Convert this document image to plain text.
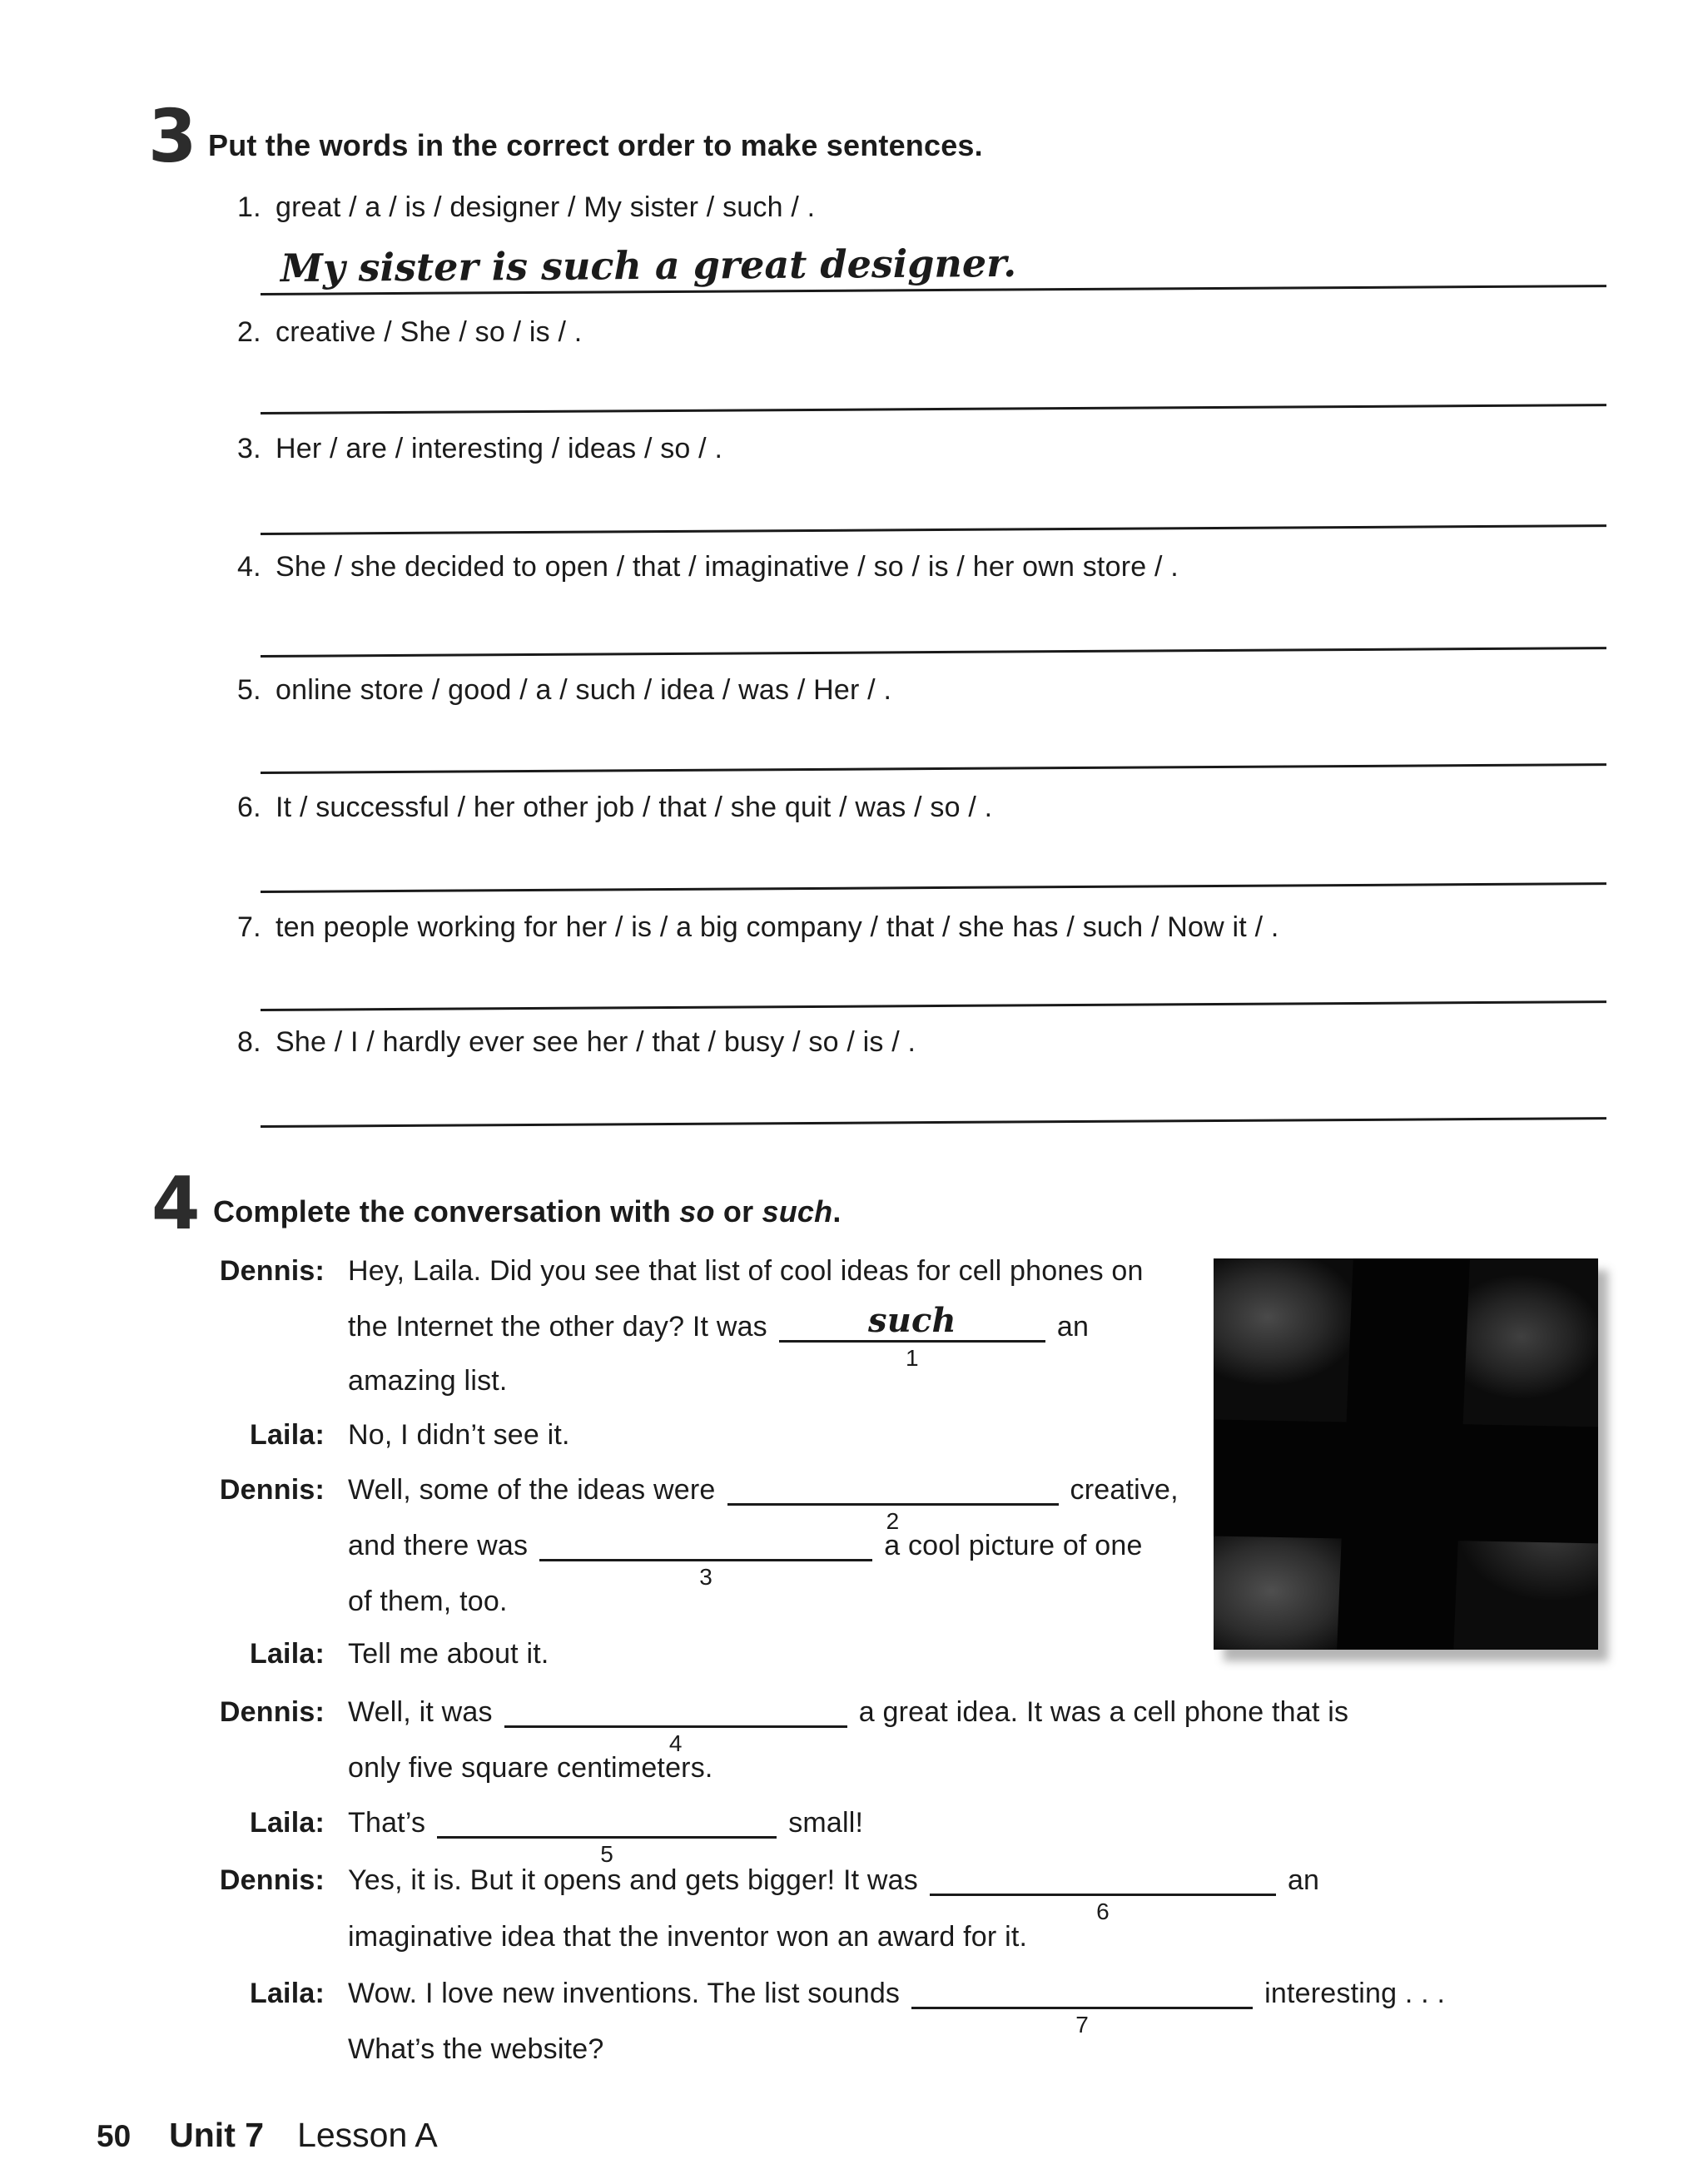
3 Put the words in the correct order to make sentences.
1. great / a / is / designer / My sister / such / .
My sister is such a great designer.
2. creative / She / so / is / .
3. Her / are / interesting / ideas / so / .
4. She / she decided to open / that / imaginative / so / is / her own store / .
5. online store / good / a / such / idea / was / Her / .
6. It / successful / her other job / that / she quit / was / so / .
7. ten people working for her / is / a big company / that / she has / such / Now it / .
8. She / I / hardly ever see her / that / busy / so / is / .
4 Complete the conversation with so or such.
Dennis: Hey, Laila. Did you see that list of cool ideas for cell phones on
the Internet the other day? It was	such
1
an
amazing list.
Laila: No, I didn’t see it.
Dennis: Well, some of the ideas were
2
creative,
and there was
3
a cool picture of one
of them, too.
Laila: Tell me about it.
Dennis: Well, it was
4
a great idea. It was a cell phone that is
only five square centimeters.
Laila: That’s
5
small!
Dennis: Yes, it is. But it opens and gets bigger! It was
6
an
imaginative idea that the inventor won an award for it.
Laila: Wow. I love new inventions. The list sounds
7
interesting . . .
What’s the website?
50 Unit 7 Lesson A
